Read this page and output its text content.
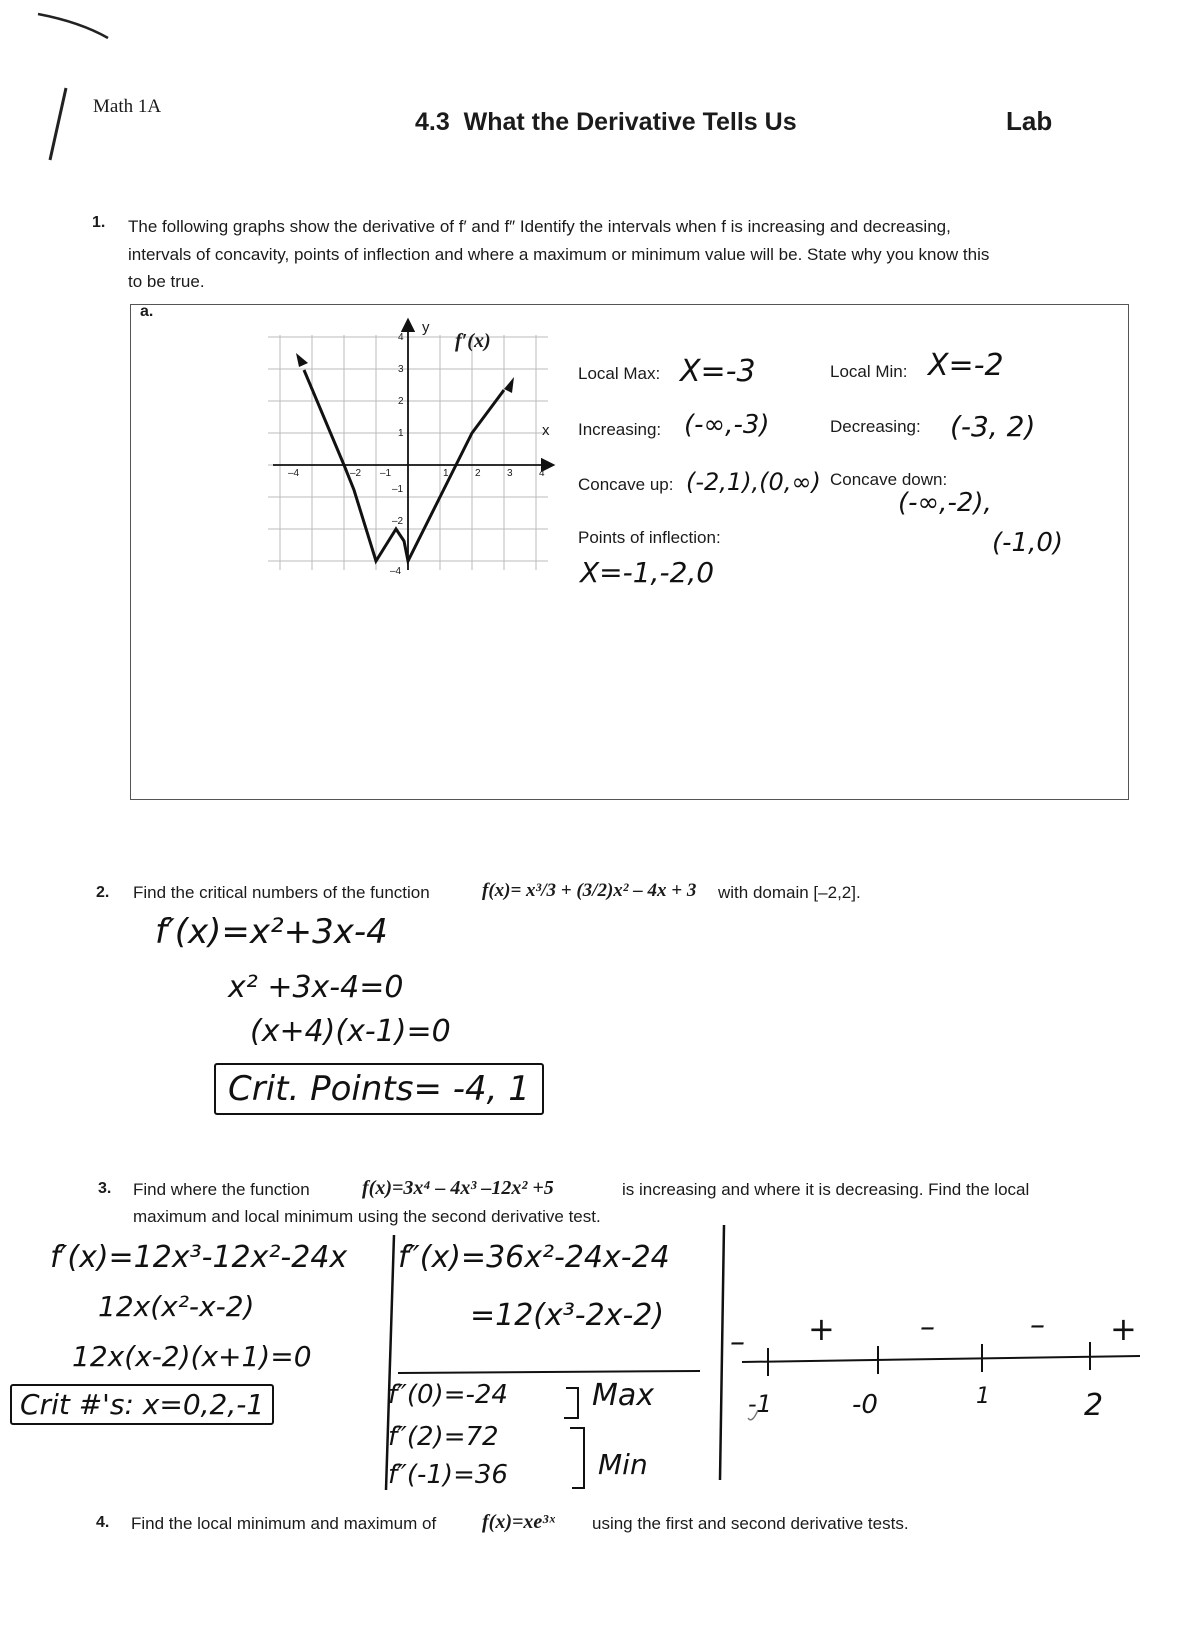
Math 1A
4.3  What the Derivative Tells Us	Lab
1. The following graphs show the derivative of f′ and f″ Identify the intervals when f is increasing and decreasing,
intervals of concavity, points of inflection and where a maximum or minimum value will be. State why you know this
to be true.
a.
f′(x)
x
y
–4	–2 –1	1	2	3	4
4
3
2
1
–1
–2
–4
Local Max: X=-3	Local Min: X=-2
Increasing: (-∞,-3)	Decreasing: (-3, 2)
Concave up: (-2,1),(0,∞) Concave down:
(-∞,-2),
(-1,0)
Points of inflection:
X=-1,-2,0
2. Find the critical numbers of the function	f(x)= x³/3 + (3/2)x² – 4x + 3 with domain [–2,2].
f′(x)=x²+3x-4
x² +3x-4=0
(x+4)(x-1)=0
Crit. Points= -4, 1
3. Find where the function	f(x)=3x⁴ – 4x³ –12x² +5	is increasing and where it is decreasing. Find the local
maximum and local minimum using the second derivative test.
f′(x)=12x³-12x²-24x
12x(x²-x-2)
12x(x-2)(x+1)=0
Crit #'s: x=0,2,-1
f″(x)=36x²-24x-24
=12(x³-2x-2)
f″(0)=-24	Max
f″(2)=72
f″(-1)=36	Min
– +	–	– +
-1	-0	1	2
4. Find the local minimum and maximum of f(x)=xe³ˣ using the first and second derivative tests.
